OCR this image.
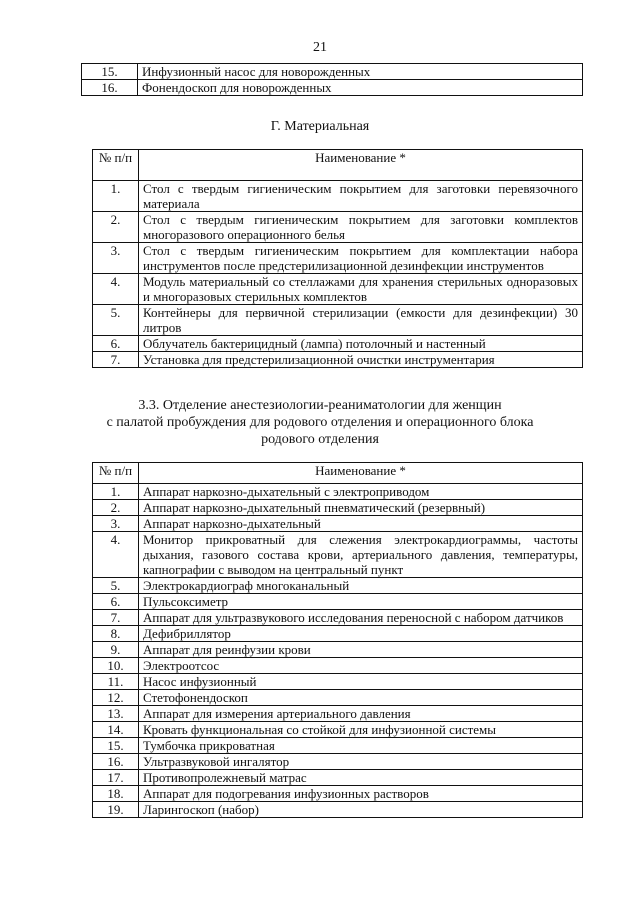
21
15.	Инфузионный насос для новорожденных
16.	Фонендоскоп для новорожденных
Г. Материальная
№ п/п	Наименование *
1.	Стол с твердым гигиеническим покрытием для заготовки перевязочного материала
2.	Стол с твердым гигиеническим покрытием для заготовки комплектов многоразового операционного белья
3.	Стол с твердым гигиеническим покрытием для комплектации набора инструментов после предстерилизационной дезинфекции инструментов
4.	Модуль материальный со стеллажами для хранения стерильных одноразовых и многоразовых стерильных комплектов
5.	Контейнеры для первичной стерилизации (емкости для дезинфекции) 30 литров
6.	Облучатель бактерицидный (лампа) потолочный и настенный
7.	Установка для предстерилизационной очистки инструментария
3.3. Отделение анестезиологии-реаниматологии для женщин
с палатой пробуждения для родового отделения и операционного блока
родового отделения
№ п/п	Наименование *
1.	Аппарат наркозно-дыхательный с электроприводом
2.	Аппарат наркозно-дыхательный пневматический (резервный)
3.	Аппарат наркозно-дыхательный
4.	Монитор прикроватный для слежения электрокардиограммы, частоты дыхания, газового состава крови, артериального давления, температуры, капнографии с выводом на центральный пункт
5.	Электрокардиограф многоканальный
6.	Пульсоксиметр
7.	Аппарат для ультразвукового исследования переносной с набором датчиков
8.	Дефибриллятор
9.	Аппарат для реинфузии крови
10.	Электроотсос
11.	Насос инфузионный
12.	Стетофонендоскоп
13.	Аппарат для измерения артериального давления
14.	Кровать функциональная со стойкой для инфузионной системы
15.	Тумбочка прикроватная
16.	Ультразвуковой ингалятор
17.	Противопролежневый матрас
18.	Аппарат для подогревания инфузионных растворов
19.	Ларингоскоп (набор)
